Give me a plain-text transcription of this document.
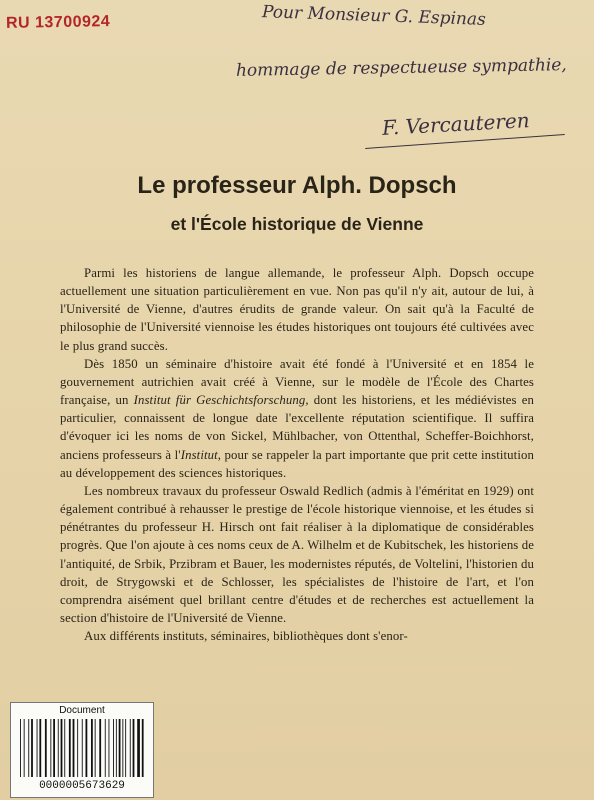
RU 13700924	Pour Monsieur G. Espinas
hommage de respectueuse sympathie,
F. Vercauteren
Le professeur Alph. Dopsch
et l'École historique de Vienne

Parmi les historiens de langue allemande, le professeur Alph. Dopsch occupe actuellement une situation particulièrement en vue. Non pas qu'il n'y ait, autour de lui, à l'Université de Vienne, d'autres érudits de grande valeur. On sait qu'à la Faculté de philosophie de l'Université viennoise les études historiques ont toujours été cultivées avec le plus grand succès.

Dès 1850 un séminaire d'histoire avait été fondé à l'Université et en 1854 le gouvernement autrichien avait créé à Vienne, sur le modèle de l'École des Chartes française, un Institut für Geschichtsforschung, dont les historiens, et les médiévistes en particulier, connaissent de longue date l'excellente réputation scientifique. Il suffira d'évoquer ici les noms de von Sickel, Mühlbacher, von Ottenthal, Scheffer-Boichhorst, anciens professeurs à l'Institut, pour se rappeler la part importante que prit cette institution au développement des sciences historiques.

Les nombreux travaux du professeur Oswald Redlich (admis à l'éméritat en 1929) ont également contribué à rehausser le prestige de l'école historique viennoise, et les études si pénétrantes du professeur H. Hirsch ont fait réaliser à la diplomatique de considérables progrès. Que l'on ajoute à ces noms ceux de A. Wilhelm et de Kubitschek, les historiens de l'antiquité, de Srbik, Przibram et Bauer, les modernistes réputés, de Voltelini, l'historien du droit, de Strygowski et de Schlosser, les spécialistes de l'histoire de l'art, et l'on comprendra aisément quel brillant centre d'études et de recherches est actuellement la section d'histoire de l'Université de Vienne.

Aux différents instituts, séminaires, bibliothèques dont s'enor-

Document
0000005673629
